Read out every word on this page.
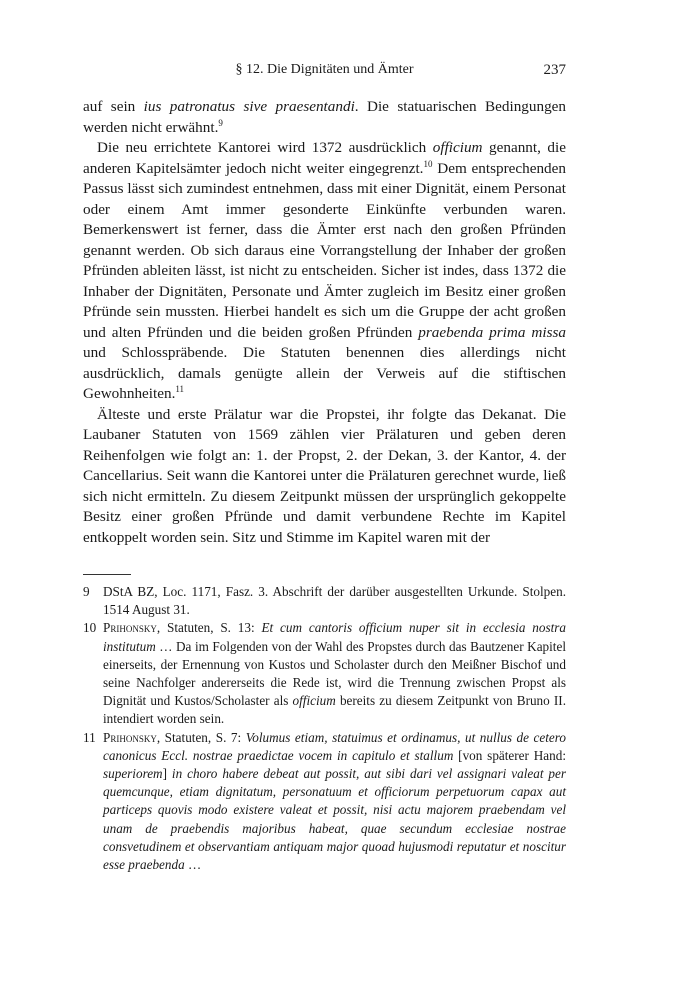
§ 12. Die Dignitäten und Ämter	237

auf sein ius patronatus sive praesentandi. Die statuarischen Bedingungen werden nicht erwähnt.$^9$

Die neu errichtete Kantorei wird 1372 ausdrücklich officium genannt, die anderen Kapitelsämter jedoch nicht weiter eingegrenzt.$^{10}$ Dem entsprechenden Passus lässt sich zumindest entnehmen, dass mit einer Dignität, einem Personat oder einem Amt immer gesonderte Einkünfte verbunden waren. Bemerkenswert ist ferner, dass die Ämter erst nach den großen Pfründen genannt werden. Ob sich daraus eine Vorrangstellung der Inhaber der großen Pfründen ableiten lässt, ist nicht zu entscheiden. Sicher ist indes, dass 1372 die Inhaber der Dignitäten, Personate und Ämter zugleich im Besitz einer großen Pfründe sein mussten. Hierbei handelt es sich um die Gruppe der acht großen und alten Pfründen und die beiden großen Pfründen praebenda prima missa und Schlosspräbende. Die Statuten benennen dies allerdings nicht ausdrücklich, damals genügte allein der Verweis auf die stiftischen Gewohnheiten.$^{11}$

Älteste und erste Prälatur war die Propstei, ihr folgte das Dekanat. Die Laubaner Statuten von 1569 zählen vier Prälaturen und geben deren Reihenfolgen wie folgt an: 1. der Propst, 2. der Dekan, 3. der Kantor, 4. der Cancellarius. Seit wann die Kantorei unter die Prälaturen gerechnet wurde, ließ sich nicht ermitteln. Zu diesem Zeitpunkt müssen der ursprünglich gekoppelte Besitz einer großen Pfründe und damit verbundene Rechte im Kapitel entkoppelt worden sein. Sitz und Stimme im Kapitel waren mit der

9	DStA BZ, Loc. 1171, Fasz. 3. Abschrift der darüber ausgestellten Urkunde. Stolpen. 1514 August 31.
10 Prihonsky, Statuten, S. 13: Et cum cantoris officium nuper sit in ecclesia nostra institutum … Da im Folgenden von der Wahl des Propstes durch das Bautzener Kapitel einerseits, der Ernennung von Kustos und Scholaster durch den Meißner Bischof und seine Nachfolger andererseits die Rede ist, wird die Trennung zwischen Propst als Dignität und Kustos/Scholaster als officium bereits zu diesem Zeitpunkt von Bruno II. intendiert worden sein.
11 Prihonsky, Statuten, S. 7: Volumus etiam, statuimus et ordinamus, ut nullus de cetero canonicus Eccl. nostrae praedictae vocem in capitulo et stallum [von späterer Hand: superiorem] in choro habere debeat aut possit, aut sibi dari vel assignari valeat per quemcunque, etiam dignitatum, personatuum et officiorum perpetuorum capax aut particeps quovis modo existere valeat et possit, nisi actu majorem praebendam vel unam de praebendis majoribus habeat, quae secundum ecclesiae nostrae consvetudinem et observantiam antiquam major quoad hujusmodi reputatur et noscitur esse praebenda …
